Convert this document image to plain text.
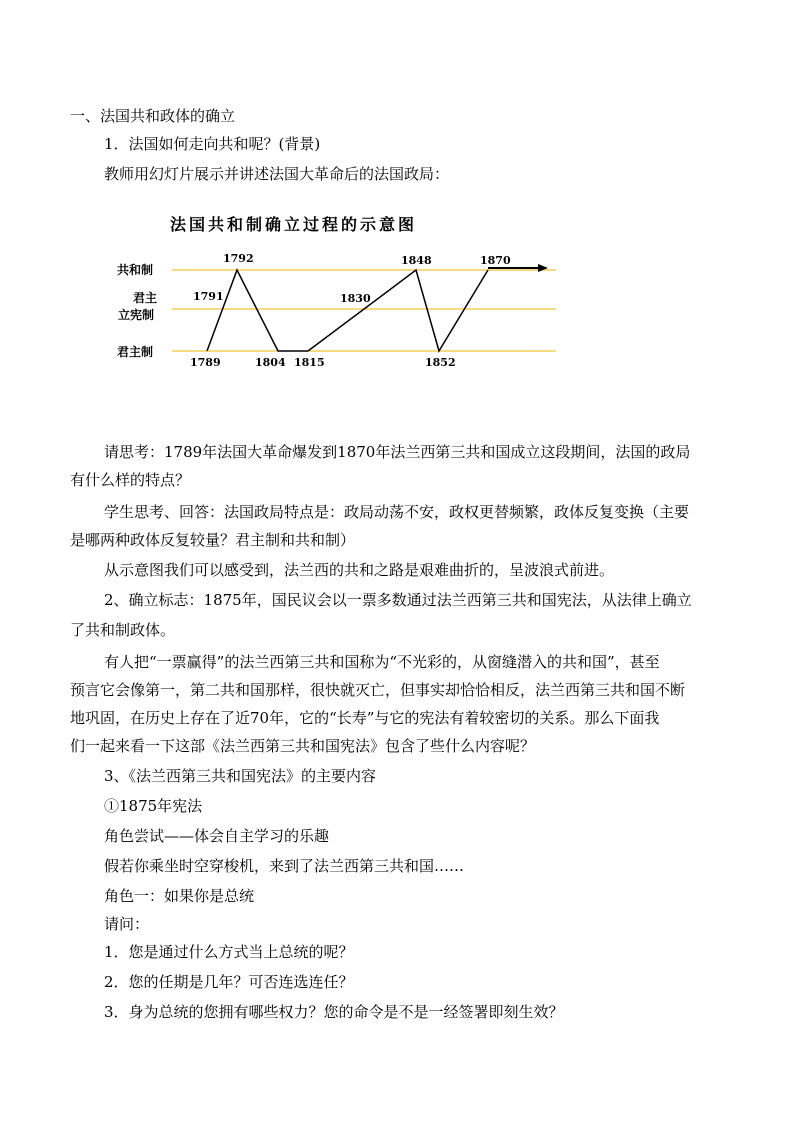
一、法国共和政体的确立
1．法国如何走向共和呢？(背景)
教师用幻灯片展示并讲述法国大革命后的法国政局：
法国共和制确立过程的示意图
共和制
君主
立宪制
君主制
1789
1791
1792
1804 1815
1830
1848
1852
1870
请思考：1789年法国大革命爆发到1870年法兰西第三共和国成立这段期间，法国的政局
有什么样的特点？
学生思考、回答：法国政局特点是：政局动荡不安，政权更替频繁，政体反复变换（主要
是哪两种政体反复较量？君主制和共和制）
从示意图我们可以感受到，法兰西的共和之路是艰难曲折的，呈波浪式前进。
2、确立标志：1875年，国民议会以一票多数通过法兰西第三共和国宪法，从法律上确立
了共和制政体。
有人把“一票赢得”的法兰西第三共和国称为“不光彩的，从窗缝潜入的共和国”，甚至
预言它会像第一，第二共和国那样，很快就灭亡，但事实却恰恰相反，法兰西第三共和国不断
地巩固，在历史上存在了近70年，它的“长寿”与它的宪法有着较密切的关系。那么下面我
们一起来看一下这部《法兰西第三共和国宪法》包含了些什么内容呢？
3、《法兰西第三共和国宪法》的主要内容
①1875年宪法
角色尝试——体会自主学习的乐趣
假若你乘坐时空穿梭机，来到了法兰西第三共和国……
角色一：如果你是总统
请问：
1．您是通过什么方式当上总统的呢？
2．您的任期是几年？可否连选连任？
3．身为总统的您拥有哪些权力？您的命令是不是一经签署即刻生效？
